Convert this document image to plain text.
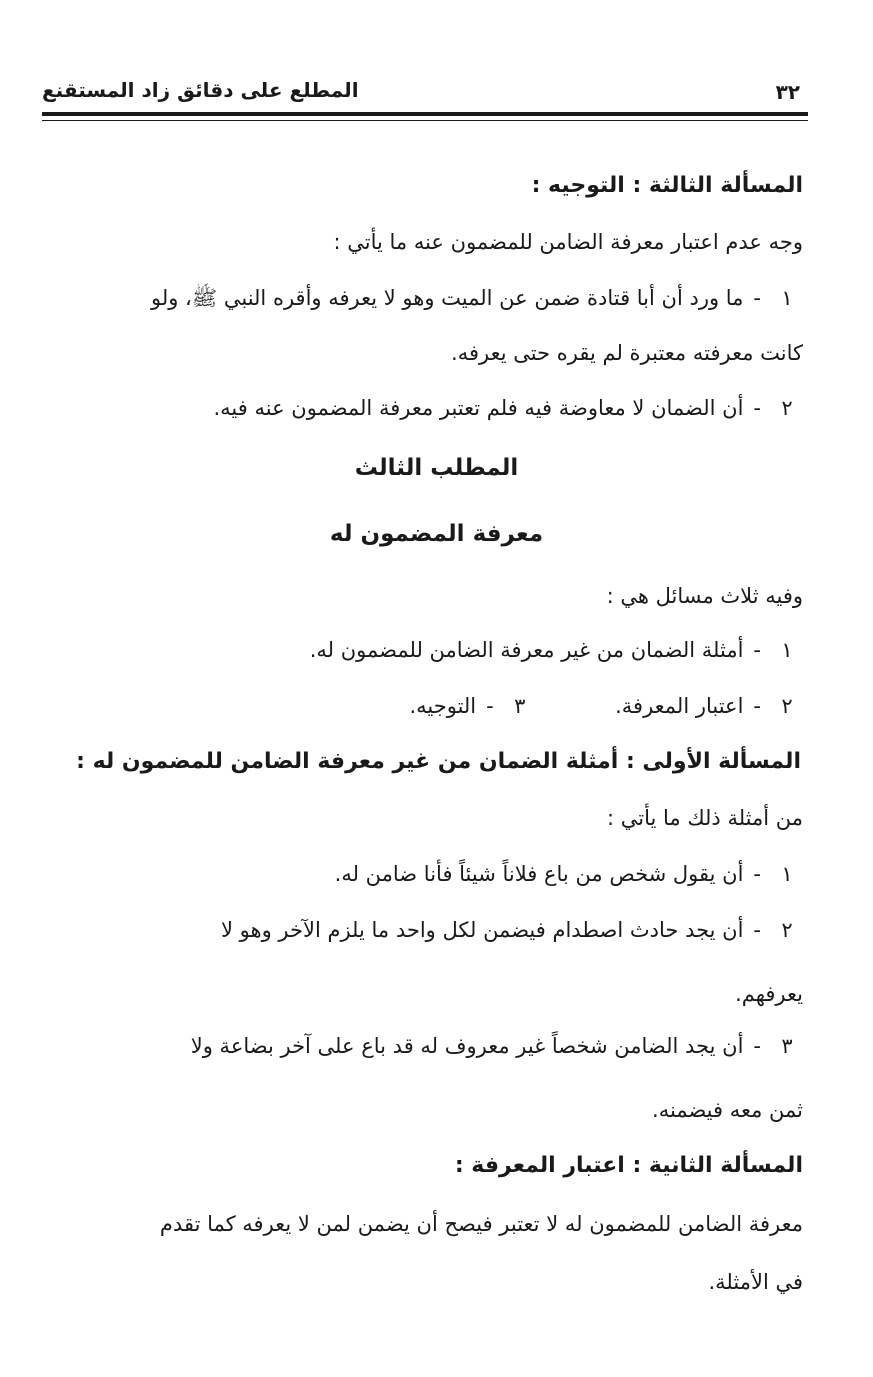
المطلع على دقائق زاد المستقنع	٣٢
المسألة الثالثة : التوجيه :
وجه عدم اعتبار معرفة الضامن للمضمون عنه ما يأتي :
١-ما ورد أن أبا قتادة ضمن عن الميت وهو لا يعرفه وأقره النبي ﷺ، ولو
كانت معرفته معتبرة لم يقره حتى يعرفه.
٢-أن الضمان لا معاوضة فيه فلم تعتبر معرفة المضمون عنه فيه.
المطلب الثالث
معرفة المضمون له
وفيه ثلاث مسائل هي :
١-أمثلة الضمان من غير معرفة الضامن للمضمون له.
٢-اعتبار المعرفة.  ٣-التوجيه.
المسألة الأولى : أمثلة الضمان من غير معرفة الضامن للمضمون له :
من أمثلة ذلك ما يأتي :
١-أن يقول شخص من باع فلاناً شيئاً فأنا ضامن له.
٢-أن يجد حادث اصطدام فيضمن لكل واحد ما يلزم الآخر وهو لا
يعرفهم.
٣-أن يجد الضامن شخصاً غير معروف له قد باع على آخر بضاعة ولا
ثمن معه فيضمنه.
المسألة الثانية : اعتبار المعرفة :
معرفة الضامن للمضمون له لا تعتبر فيصح أن يضمن لمن لا يعرفه كما تقدم
في الأمثلة.
